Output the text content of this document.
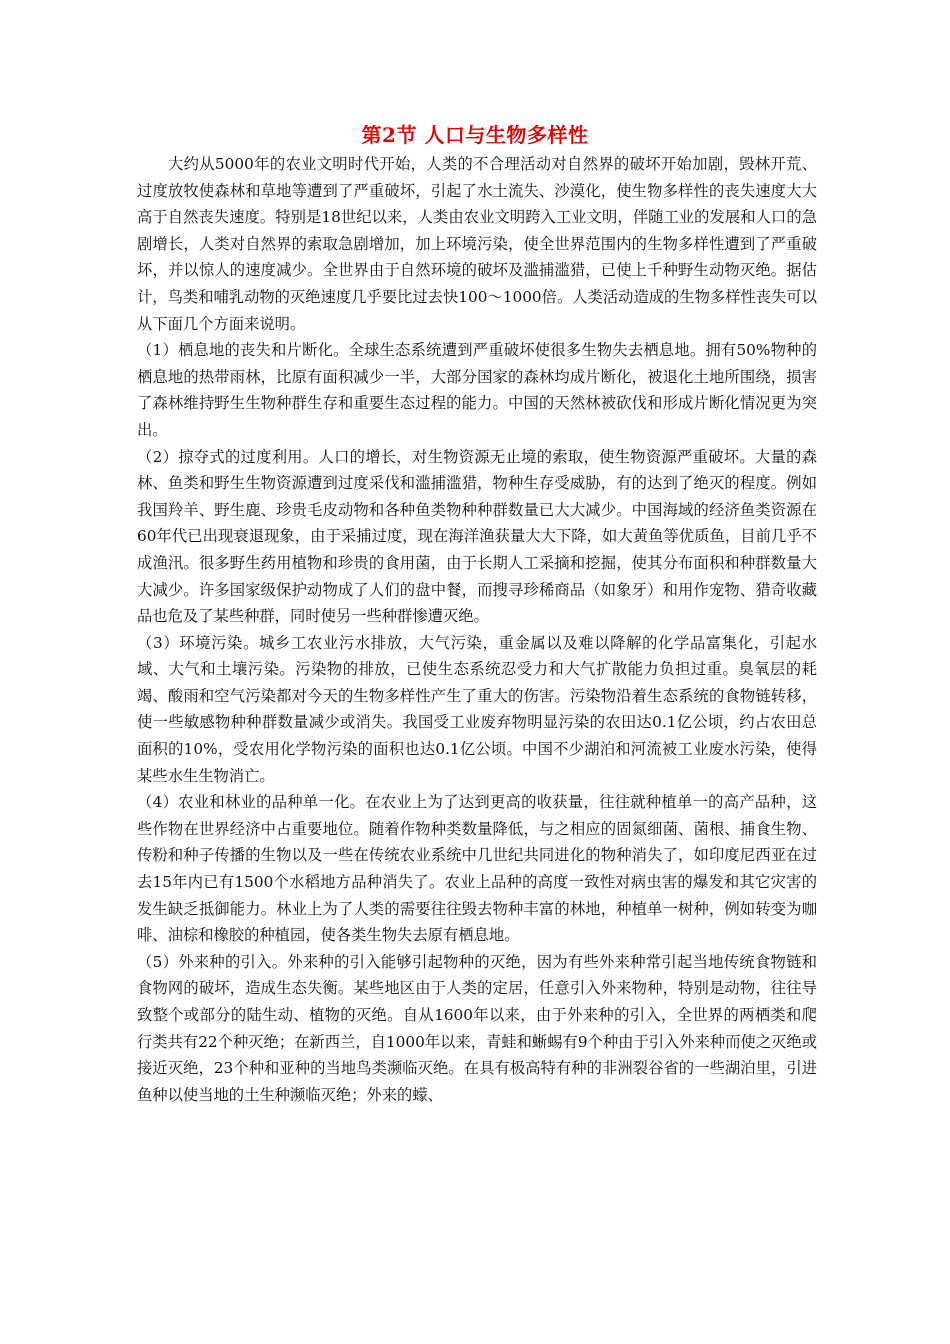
第2节 人口与生物多样性

大约从5000年的农业文明时代开始，人类的不合理活动对自然界的破坏开始加剧，毁林开荒、过度放牧使森林和草地等遭到了严重破坏，引起了水土流失、沙漠化，使生物多样性的丧失速度大大高于自然丧失速度。特别是18世纪以来，人类由农业文明跨入工业文明，伴随工业的发展和人口的急剧增长，人类对自然界的索取急剧增加，加上环境污染，使全世界范围内的生物多样性遭到了严重破坏，并以惊人的速度减少。全世界由于自然环境的破坏及滥捕滥猎，已使上千种野生动物灭绝。据估计，鸟类和哺乳动物的灭绝速度几乎要比过去快100～1000倍。人类活动造成的生物多样性丧失可以从下面几个方面来说明。

（1）栖息地的丧失和片断化。全球生态系统遭到严重破坏使很多生物失去栖息地。拥有50%物种的栖息地的热带雨林，比原有面积减少一半，大部分国家的森林均成片断化，被退化土地所围绕，损害了森林维持野生生物种群生存和重要生态过程的能力。中国的天然林被砍伐和形成片断化情况更为突出。

（2）掠夺式的过度利用。人口的增长，对生物资源无止境的索取，使生物资源严重破坏。大量的森林、鱼类和野生生物资源遭到过度采伐和滥捕滥猎，物种生存受威胁，有的达到了绝灭的程度。例如我国羚羊、野生鹿、珍贵毛皮动物和各种鱼类物种种群数量已大大减少。中国海域的经济鱼类资源在60年代已出现衰退现象，由于采捕过度，现在海洋渔获量大大下降，如大黄鱼等优质鱼，目前几乎不成渔汛。很多野生药用植物和珍贵的食用菌，由于长期人工采摘和挖掘，使其分布面积和种群数量大大减少。许多国家级保护动物成了人们的盘中餐，而搜寻珍稀商品（如象牙）和用作宠物、猎奇收藏品也危及了某些种群，同时使另一些种群惨遭灭绝。

（3）环境污染。城乡工农业污水排放，大气污染，重金属以及难以降解的化学品富集化，引起水域、大气和土壤污染。污染物的排放，已使生态系统忍受力和大气扩散能力负担过重。臭氧层的耗竭、酸雨和空气污染都对今天的生物多样性产生了重大的伤害。污染物沿着生态系统的食物链转移，使一些敏感物种种群数量减少或消失。我国受工业废弃物明显污染的农田达0.1亿公顷，约占农田总面积的10%，受农用化学物污染的面积也达0.1亿公顷。中国不少湖泊和河流被工业废水污染，使得某些水生生物消亡。

（4）农业和林业的品种单一化。在农业上为了达到更高的收获量，往往就种植单一的高产品种，这些作物在世界经济中占重要地位。随着作物种类数量降低，与之相应的固氮细菌、菌根、捕食生物、传粉和种子传播的生物以及一些在传统农业系统中几世纪共同进化的物种消失了，如印度尼西亚在过去15年内已有1500个水稻地方品种消失了。农业上品种的高度一致性对病虫害的爆发和其它灾害的发生缺乏抵御能力。林业上为了人类的需要往往毁去物种丰富的林地，种植单一树种，例如转变为咖啡、油棕和橡胶的种植园，使各类生物失去原有栖息地。

（5）外来种的引入。外来种的引入能够引起物种的灭绝，因为有些外来种常引起当地传统食物链和食物网的破坏，造成生态失衡。某些地区由于人类的定居，任意引入外来物种，特别是动物，往往导致整个或部分的陆生动、植物的灭绝。自从1600年以来，由于外来种的引入，全世界的两栖类和爬行类共有22个种灭绝；在新西兰，自1000年以来，青蛙和蜥蜴有9个种由于引入外来种而使之灭绝或接近灭绝，23个种和亚种的当地鸟类濒临灭绝。在具有极高特有种的非洲裂谷省的一些湖泊里，引进鱼种以使当地的土生种濒临灭绝；外来的蠓、
